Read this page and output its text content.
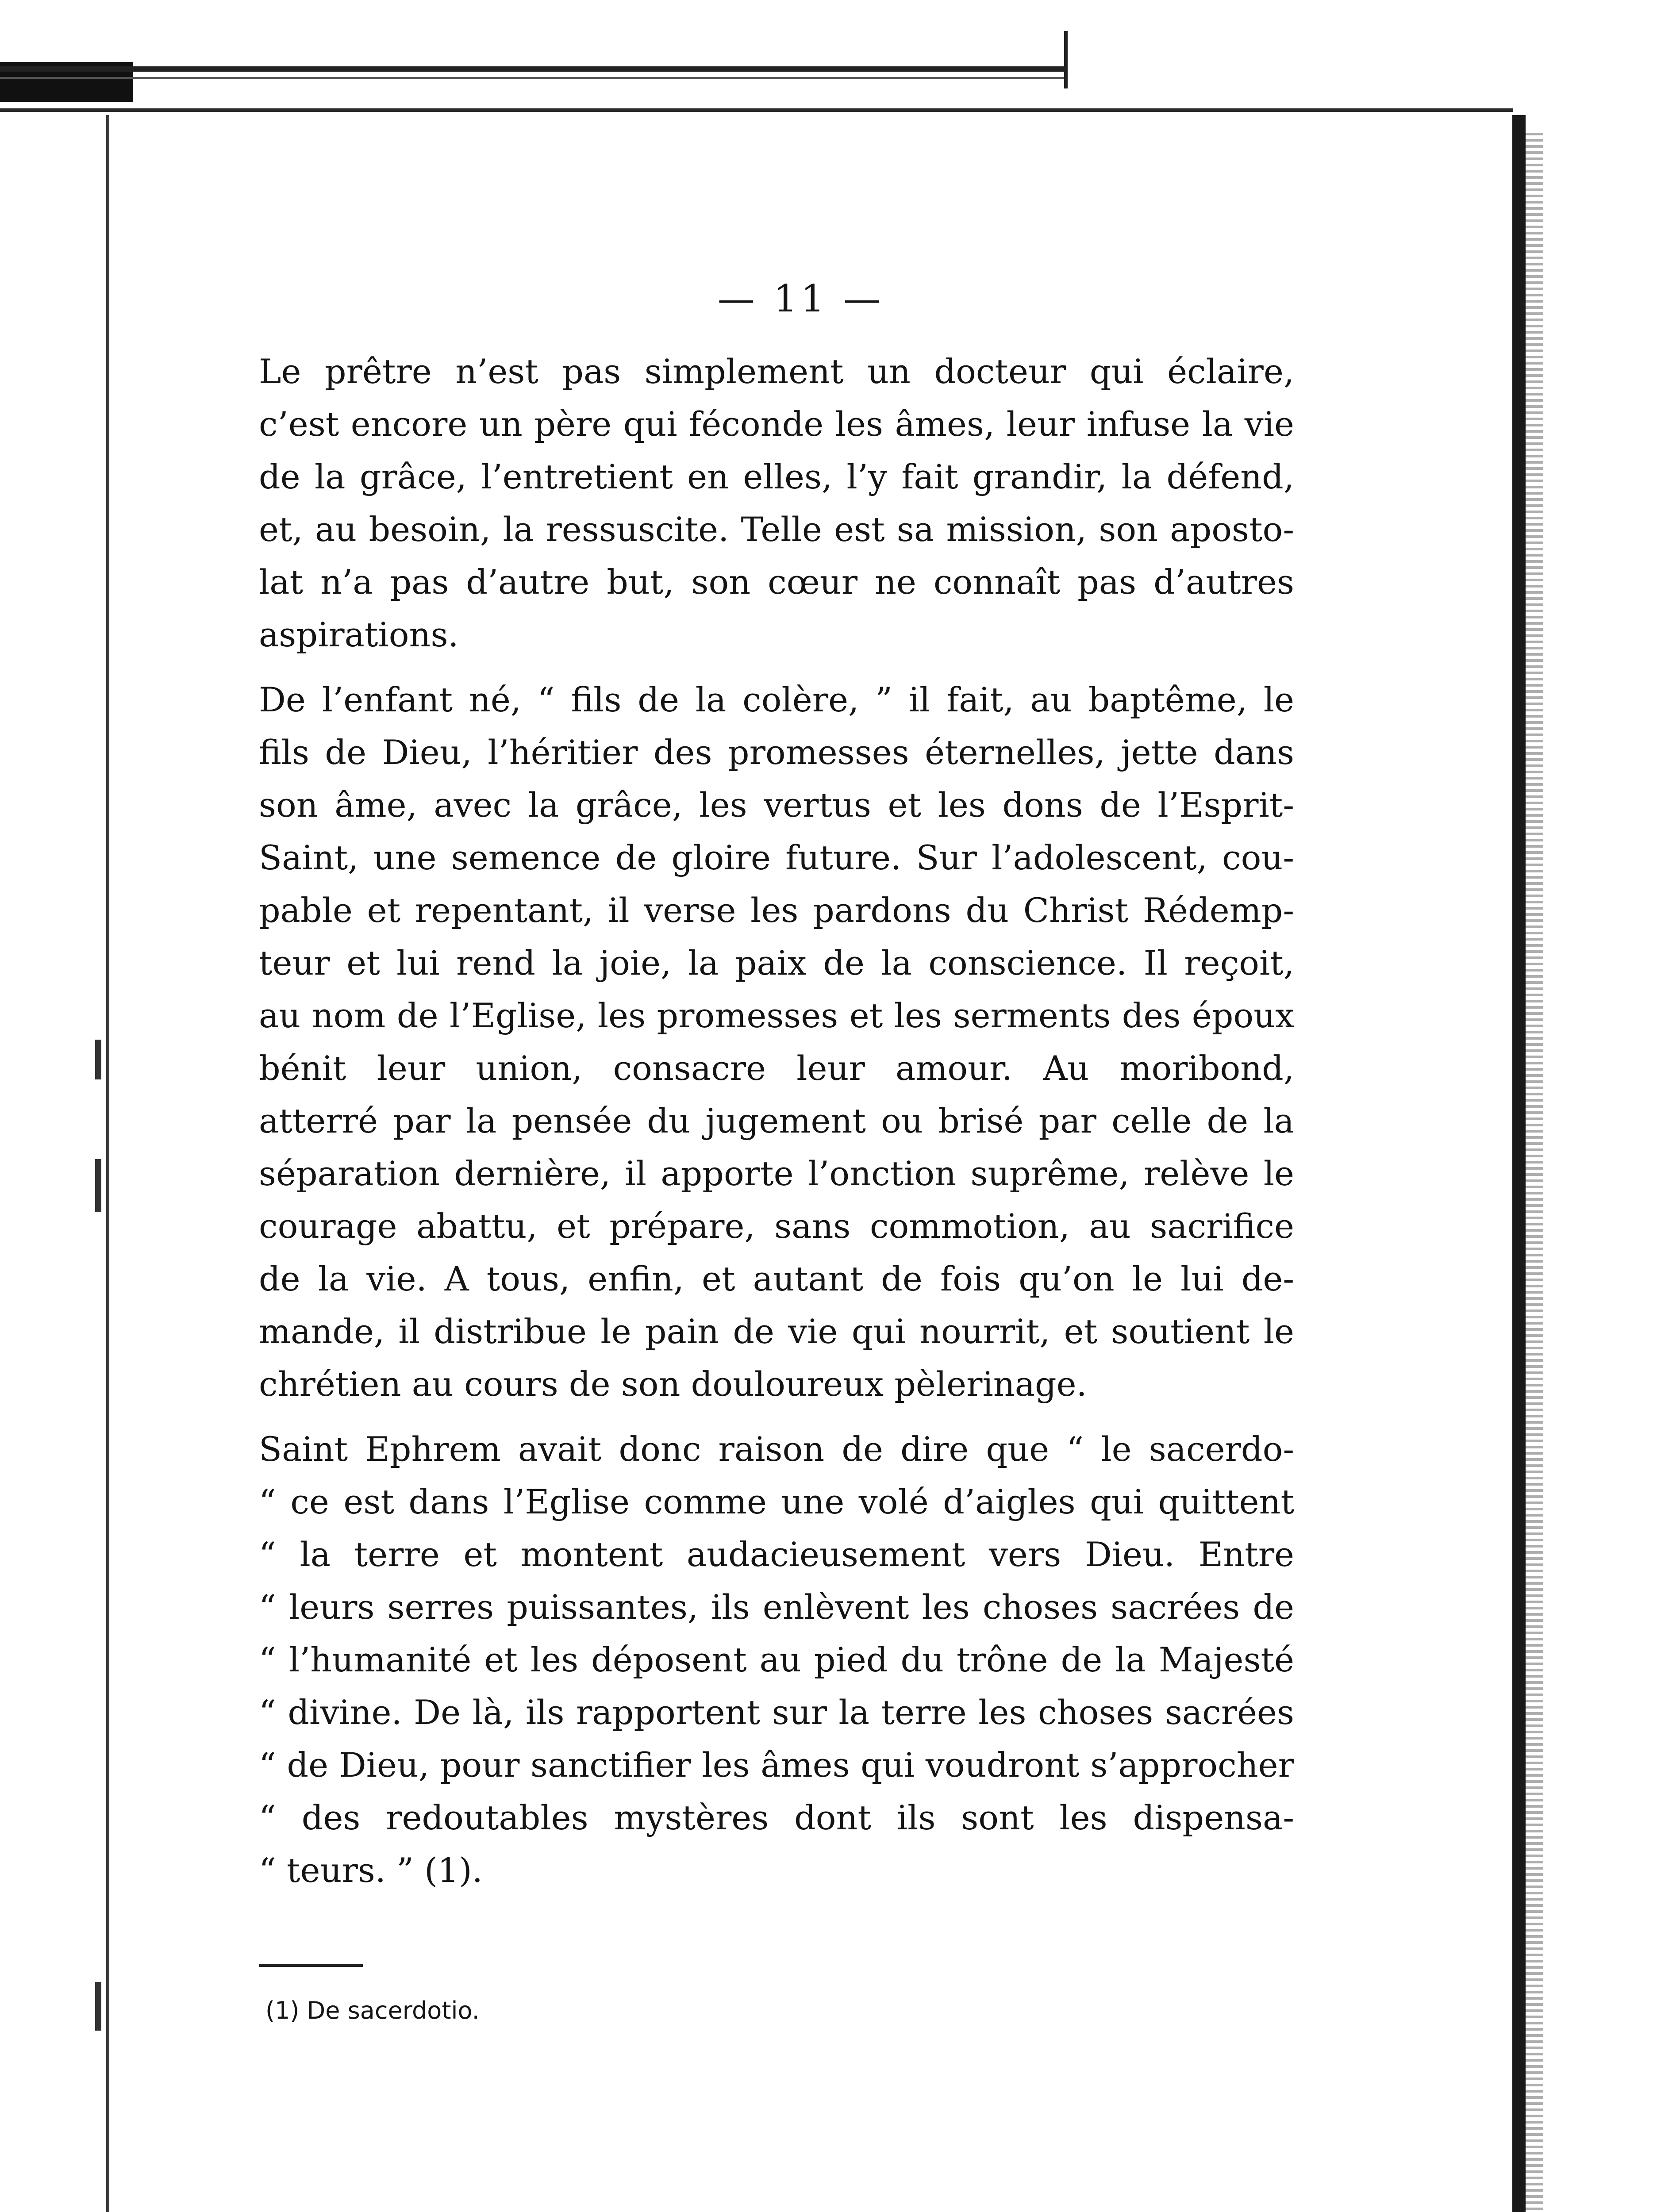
— 11 —
Le prêtre n’est pas simplement un docteur qui éclaire,
c’est encore un père qui féconde les âmes, leur infuse la vie
de la grâce, l’entretient en elles, l’y fait grandir, la défend,
et, au besoin, la ressuscite. Telle est sa mission, son aposto-
lat n’a pas d’autre but, son cœur ne connaît pas d’autres
aspirations.
De l’enfant né, “ fils de la colère, ” il fait, au baptême, le
fils de Dieu, l’héritier des promesses éternelles, jette dans
son âme, avec la grâce, les vertus et les dons de l’Esprit-
Saint, une semence de gloire future. Sur l’adolescent, cou-
pable et repentant, il verse les pardons du Christ Rédemp-
teur et lui rend la joie, la paix de la conscience. Il reçoit,
au nom de l’Eglise, les promesses et les serments des époux
bénit leur union, consacre leur amour. Au moribond,
atterré par la pensée du jugement ou brisé par celle de la
séparation dernière, il apporte l’onction suprême, relève le
courage abattu, et prépare, sans commotion, au sacrifice
de la vie. A tous, enfin, et autant de fois qu’on le lui de-
mande, il distribue le pain de vie qui nourrit, et soutient le
chrétien au cours de son douloureux pèlerinage.
Saint Ephrem avait donc raison de dire que “ le sacerdo-
“ ce est dans l’Eglise comme une volé d’aigles qui quittent
“ la terre et montent audacieusement vers Dieu. Entre
“ leurs serres puissantes, ils enlèvent les choses sacrées de
“ l’humanité et les déposent au pied du trône de la Majesté
“ divine. De là, ils rapportent sur la terre les choses sacrées
“ de Dieu, pour sanctifier les âmes qui voudront s’approcher
“ des redoutables mystères dont ils sont les dispensa-
“ teurs. ” (1).
(1) De sacerdotio.
